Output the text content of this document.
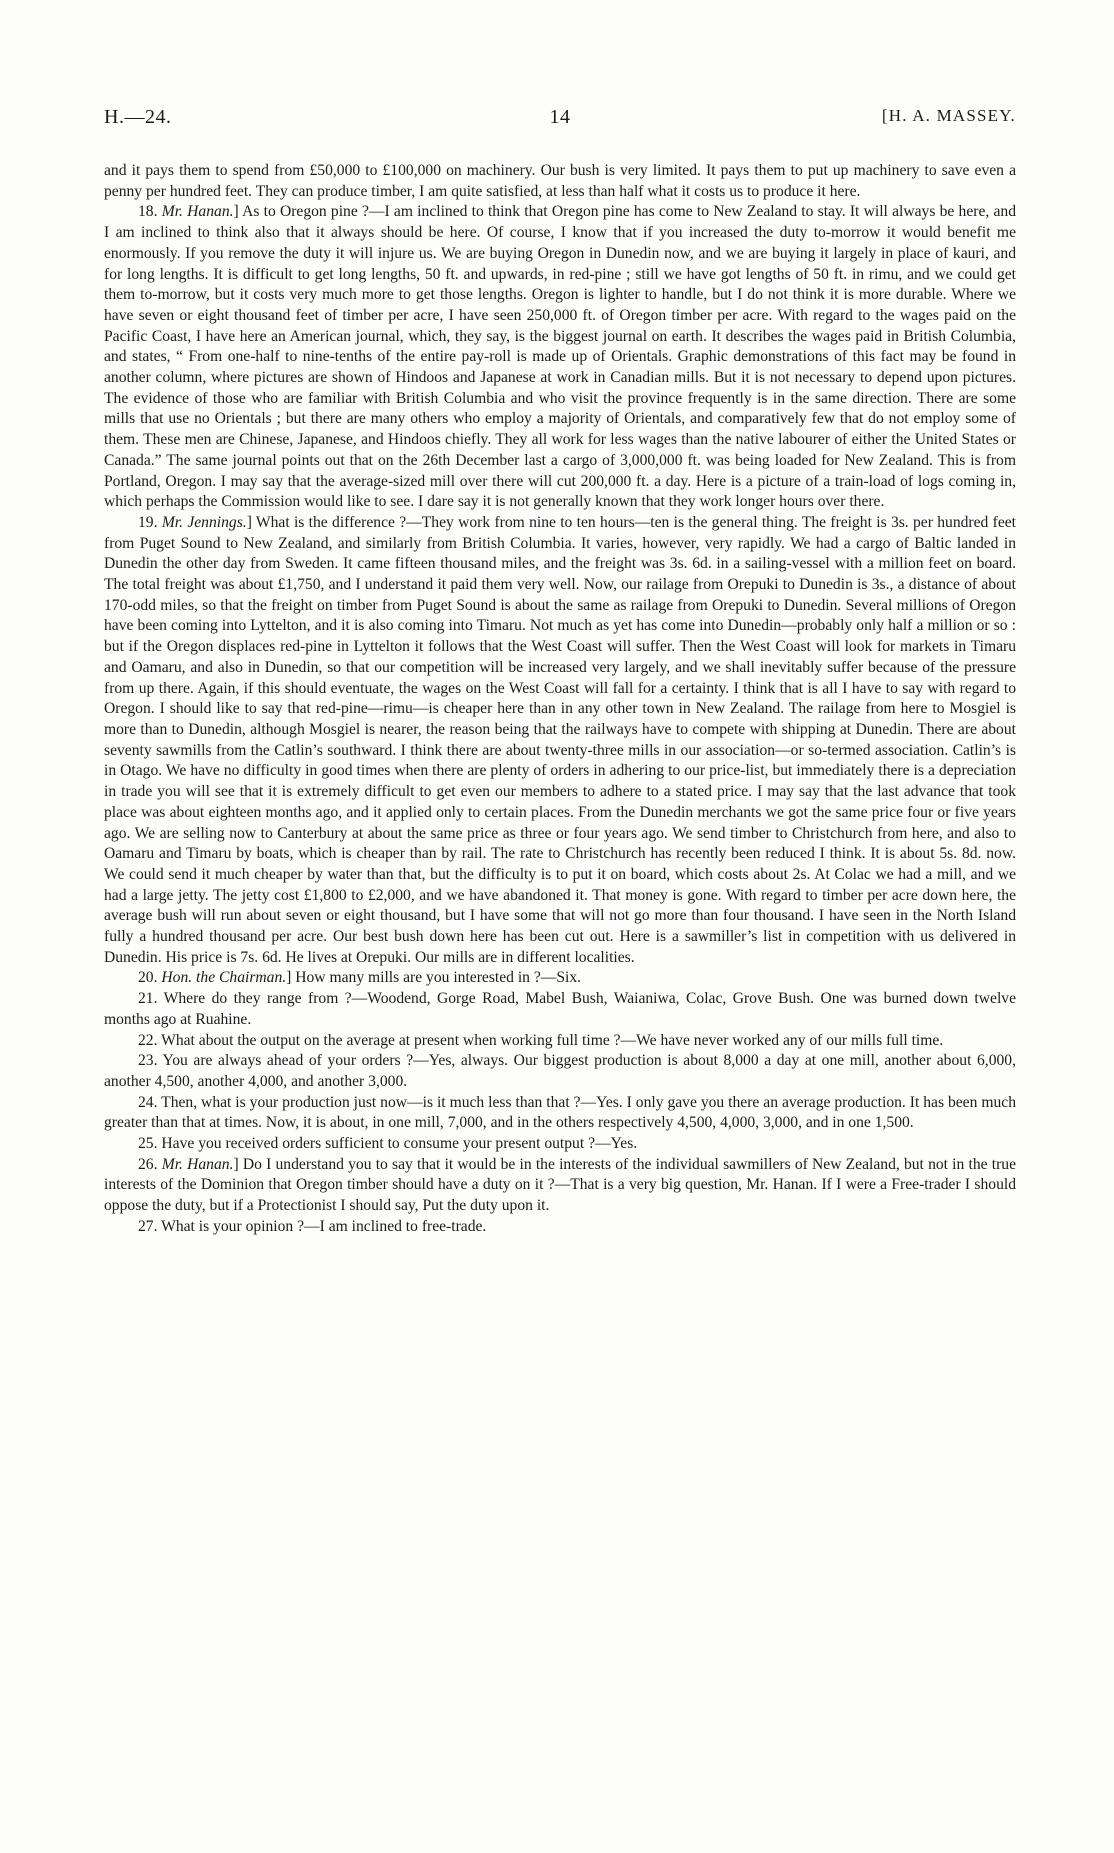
H.—24.	14	[H. A. MASSEY.

and it pays them to spend from £50,000 to £100,000 on machinery. Our bush is very limited. It pays them to put up machinery to save even a penny per hundred feet. They can produce timber, I am quite satisfied, at less than half what it costs us to produce it here.

18. Mr. Hanan.] As to Oregon pine ?—I am inclined to think that Oregon pine has come to New Zealand to stay. It will always be here, and I am inclined to think also that it always should be here. Of course, I know that if you increased the duty to-morrow it would benefit me enormously. If you remove the duty it will injure us. We are buying Oregon in Dunedin now, and we are buying it largely in place of kauri, and for long lengths. It is difficult to get long lengths, 50 ft. and upwards, in red-pine ; still we have got lengths of 50 ft. in rimu, and we could get them to-morrow, but it costs very much more to get those lengths. Oregon is lighter to handle, but I do not think it is more durable. Where we have seven or eight thousand feet of timber per acre, I have seen 250,000 ft. of Oregon timber per acre. With regard to the wages paid on the Pacific Coast, I have here an American journal, which, they say, is the biggest journal on earth. It describes the wages paid in British Columbia, and states, “ From one-half to nine-tenths of the entire pay-roll is made up of Orientals. Graphic demonstrations of this fact may be found in another column, where pictures are shown of Hindoos and Japanese at work in Canadian mills. But it is not necessary to depend upon pictures. The evidence of those who are familiar with British Columbia and who visit the province frequently is in the same direction. There are some mills that use no Orientals ; but there are many others who employ a majority of Orientals, and comparatively few that do not employ some of them. These men are Chinese, Japanese, and Hindoos chiefly. They all work for less wages than the native labourer of either the United States or Canada.” The same journal points out that on the 26th December last a cargo of 3,000,000 ft. was being loaded for New Zealand. This is from Portland, Oregon. I may say that the average-sized mill over there will cut 200,000 ft. a day. Here is a picture of a train-load of logs coming in, which perhaps the Commission would like to see. I dare say it is not generally known that they work longer hours over there.

19. Mr. Jennings.] What is the difference ?—They work from nine to ten hours—ten is the general thing. The freight is 3s. per hundred feet from Puget Sound to New Zealand, and similarly from British Columbia. It varies, however, very rapidly. We had a cargo of Baltic landed in Dunedin the other day from Sweden. It came fifteen thousand miles, and the freight was 3s. 6d. in a sailing-vessel with a million feet on board. The total freight was about £1,750, and I understand it paid them very well. Now, our railage from Orepuki to Dunedin is 3s., a distance of about 170-odd miles, so that the freight on timber from Puget Sound is about the same as railage from Orepuki to Dunedin. Several millions of Oregon have been coming into Lyttelton, and it is also coming into Timaru. Not much as yet has come into Dunedin—probably only half a million or so : but if the Oregon displaces red-pine in Lyttelton it follows that the West Coast will suffer. Then the West Coast will look for markets in Timaru and Oamaru, and also in Dunedin, so that our competition will be increased very largely, and we shall inevitably suffer because of the pressure from up there. Again, if this should eventuate, the wages on the West Coast will fall for a certainty. I think that is all I have to say with regard to Oregon. I should like to say that red-pine—rimu—is cheaper here than in any other town in New Zealand. The railage from here to Mosgiel is more than to Dunedin, although Mosgiel is nearer, the reason being that the railways have to compete with shipping at Dunedin. There are about seventy sawmills from the Catlin’s southward. I think there are about twenty-three mills in our association—or so-termed association. Catlin’s is in Otago. We have no difficulty in good times when there are plenty of orders in adhering to our price-list, but immediately there is a depreciation in trade you will see that it is extremely difficult to get even our members to adhere to a stated price. I may say that the last advance that took place was about eighteen months ago, and it applied only to certain places. From the Dunedin merchants we got the same price four or five years ago. We are selling now to Canterbury at about the same price as three or four years ago. We send timber to Christchurch from here, and also to Oamaru and Timaru by boats, which is cheaper than by rail. The rate to Christchurch has recently been reduced I think. It is about 5s. 8d. now. We could send it much cheaper by water than that, but the difficulty is to put it on board, which costs about 2s. At Colac we had a mill, and we had a large jetty. The jetty cost £1,800 to £2,000, and we have abandoned it. That money is gone. With regard to timber per acre down here, the average bush will run about seven or eight thousand, but I have some that will not go more than four thousand. I have seen in the North Island fully a hundred thousand per acre. Our best bush down here has been cut out. Here is a sawmiller’s list in competition with us delivered in Dunedin. His price is 7s. 6d. He lives at Orepuki. Our mills are in different localities.

20. Hon. the Chairman.] How many mills are you interested in ?—Six.

21. Where do they range from ?—Woodend, Gorge Road, Mabel Bush, Waianiwa, Colac, Grove Bush. One was burned down twelve months ago at Ruahine.

22. What about the output on the average at present when working full time ?—We have never worked any of our mills full time.

23. You are always ahead of your orders ?—Yes, always. Our biggest production is about 8,000 a day at one mill, another about 6,000, another 4,500, another 4,000, and another 3,000.

24. Then, what is your production just now—is it much less than that ?—Yes. I only gave you there an average production. It has been much greater than that at times. Now, it is about, in one mill, 7,000, and in the others respectively 4,500, 4,000, 3,000, and in one 1,500.

25. Have you received orders sufficient to consume your present output ?—Yes.

26. Mr. Hanan.] Do I understand you to say that it would be in the interests of the individual sawmillers of New Zealand, but not in the true interests of the Dominion that Oregon timber should have a duty on it ?—That is a very big question, Mr. Hanan. If I were a Free-trader I should oppose the duty, but if a Protectionist I should say, Put the duty upon it.

27. What is your opinion ?—I am inclined to free-trade.
